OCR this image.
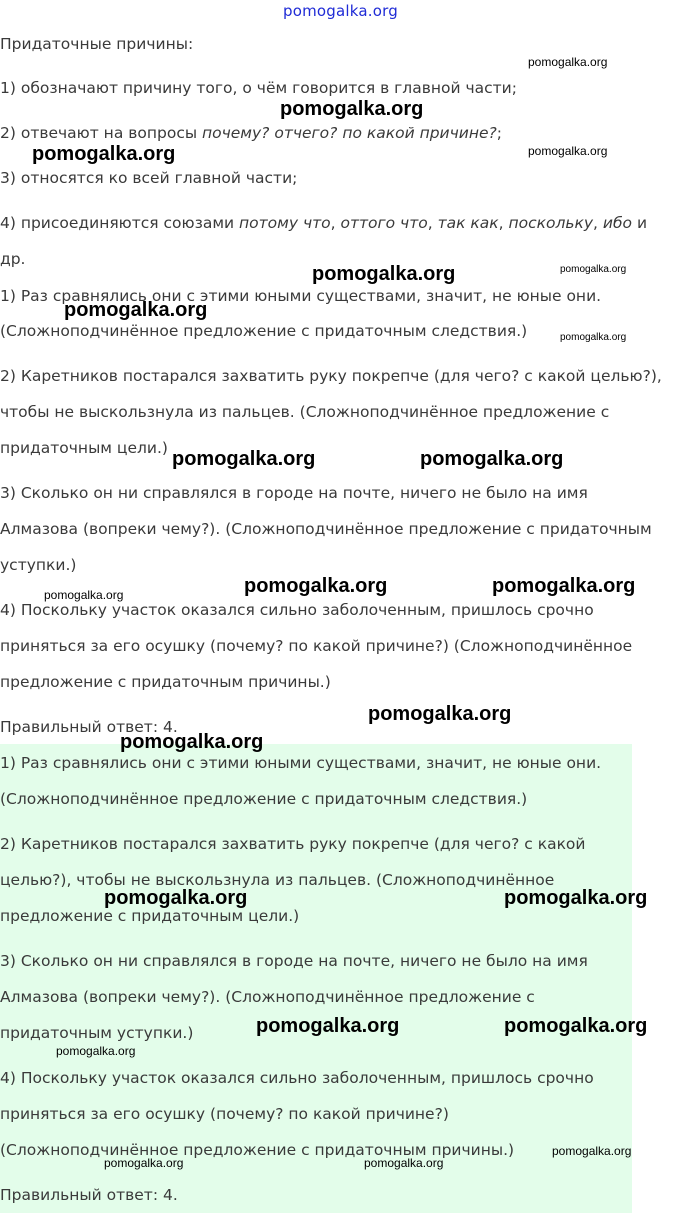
pomogalka.org
Придаточные причины:
1) обозначают причину того, о чём говорится в главной части;
2) отвечают на вопросы почему? отчего? по какой причине?;
3) относятся ко всей главной части;
4) присоединяются союзами потому что, оттого что, так как, поскольку, ибо и
др.
1) Раз сравнялись они с этими юными существами, значит, не юные они.
(Сложноподчинённое предложение с придаточным следствия.)
2) Каретников постарался захватить руку покрепче (для чего? с какой целью?),
чтобы не выскользнула из пальцев. (Сложноподчинённое предложение с
придаточным цели.)
3) Сколько он ни справлялся в городе на почте, ничего не было на имя
Алмазова (вопреки чему?). (Сложноподчинённое предложение с придаточным
уступки.)
4) Поскольку участок оказался сильно заболоченным, пришлось срочно
приняться за его осушку (почему? по какой причине?) (Сложноподчинённое
предложение с придаточным причины.)
Правильный ответ: 4.
1) Раз сравнялись они с этими юными существами, значит, не юные они.
(Сложноподчинённое предложение с придаточным следствия.)
2) Каретников постарался захватить руку покрепче (для чего? с какой
целью?), чтобы не выскользнула из пальцев. (Сложноподчинённое
предложение с придаточным цели.)
3) Сколько он ни справлялся в городе на почте, ничего не было на имя
Алмазова (вопреки чему?). (Сложноподчинённое предложение с
придаточным уступки.)
4) Поскольку участок оказался сильно заболоченным, пришлось срочно
приняться за его осушку (почему? по какой причине?)
(Сложноподчинённое предложение с придаточным причины.)
Правильный ответ: 4.
pomogalka.org
pomogalka.org
pomogalka.org	pomogalka.org
pomogalka.org	pomogalka.org
pomogalka.org
pomogalka.org
pomogalka.org	pomogalka.org
pomogalka.org	pomogalka.org	pomogalka.org
pomogalka.org
pomogalka.org
pomogalka.org	pomogalka.org
pomogalka.org	pomogalka.org
pomogalka.org
pomogalka.org
pomogalka.org	pomogalka.org
